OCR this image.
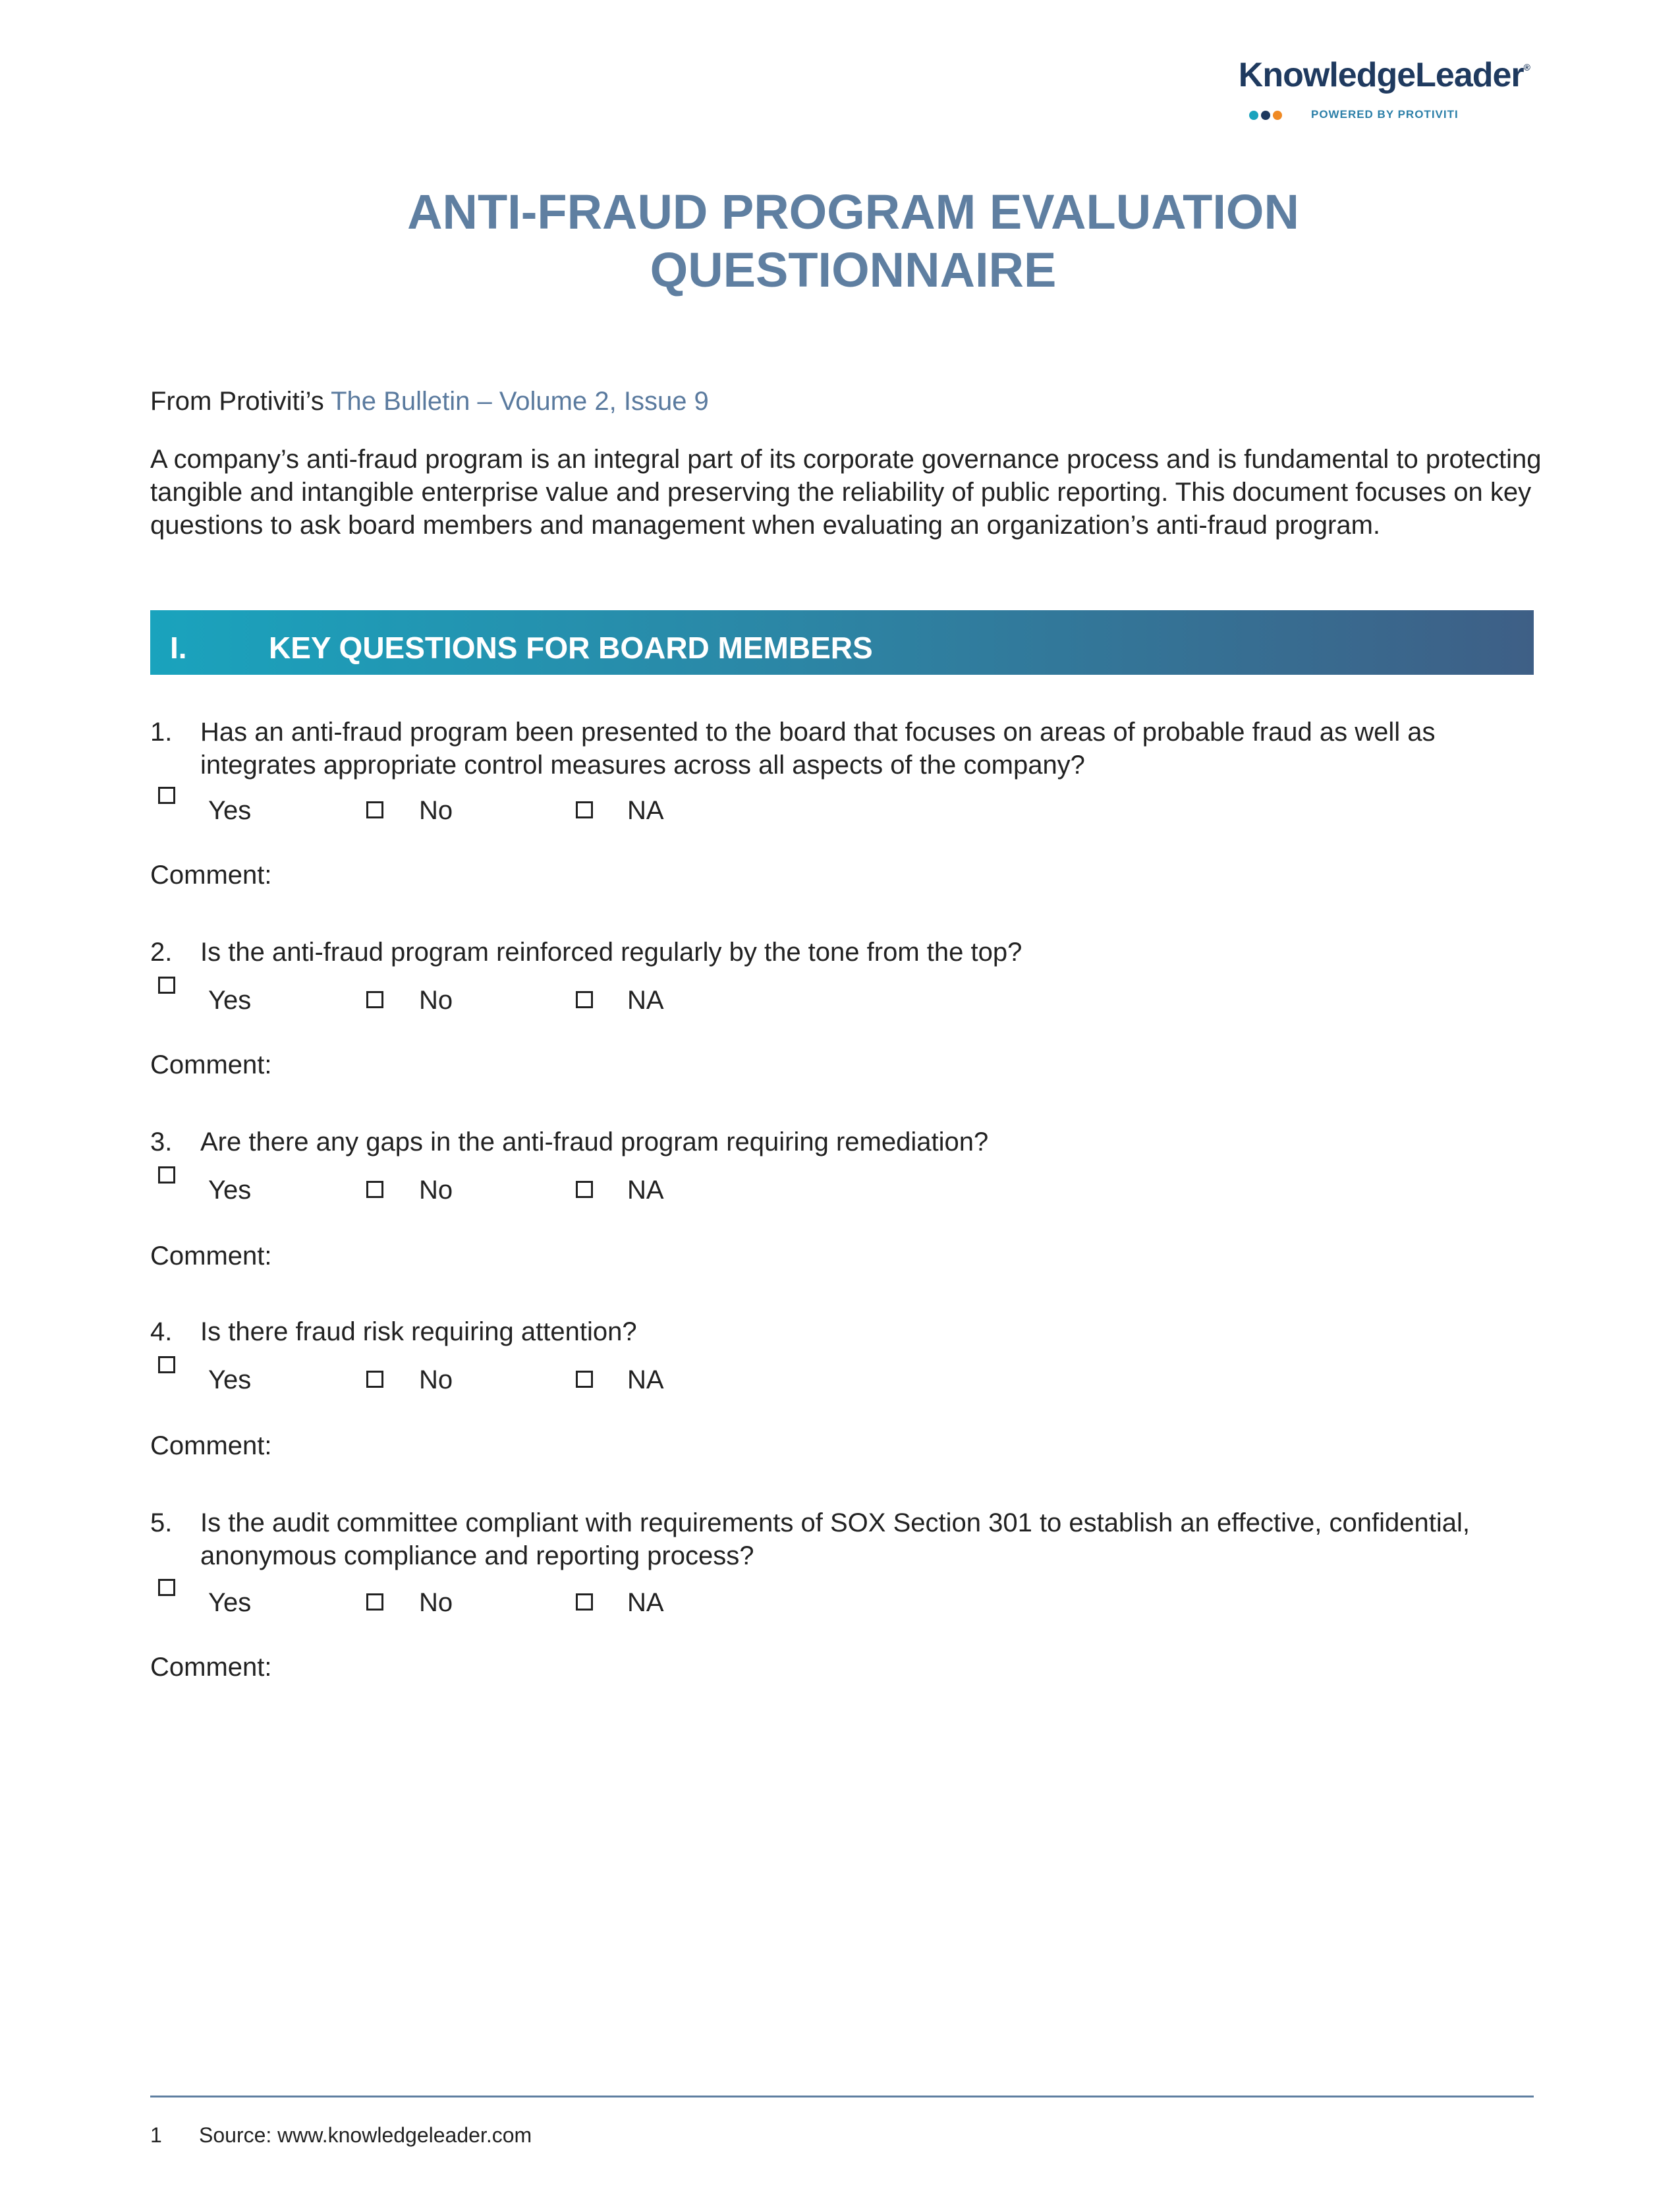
KnowledgeLeader®
POWERED BY PROTIVITI
ANTI-FRAUD PROGRAM EVALUATION
QUESTIONNAIRE
From Protiviti’s The Bulletin – Volume 2, Issue 9
A company’s anti-fraud program is an integral part of its corporate governance process and is fundamental to protecting tangible and intangible enterprise value and preserving the reliability of public reporting. This document focuses on key questions to ask board members and management when evaluating an organization’s anti-fraud program.
I.	KEY QUESTIONS FOR BOARD MEMBERS
1. Has an anti-fraud program been presented to the board that focuses on areas of probable fraud as well as integrates appropriate control measures across all aspects of the company?
Yes	No	NA
Comment:
2. Is the anti-fraud program reinforced regularly by the tone from the top?
Yes	No	NA
Comment:
3. Are there any gaps in the anti-fraud program requiring remediation?
Yes	No	NA
Comment:
4. Is there fraud risk requiring attention?
Yes	No	NA
Comment:
5. Is the audit committee compliant with requirements of SOX Section 301 to establish an effective, confidential, anonymous compliance and reporting process?
Yes	No	NA
Comment:
1 Source: www.knowledgeleader.com
